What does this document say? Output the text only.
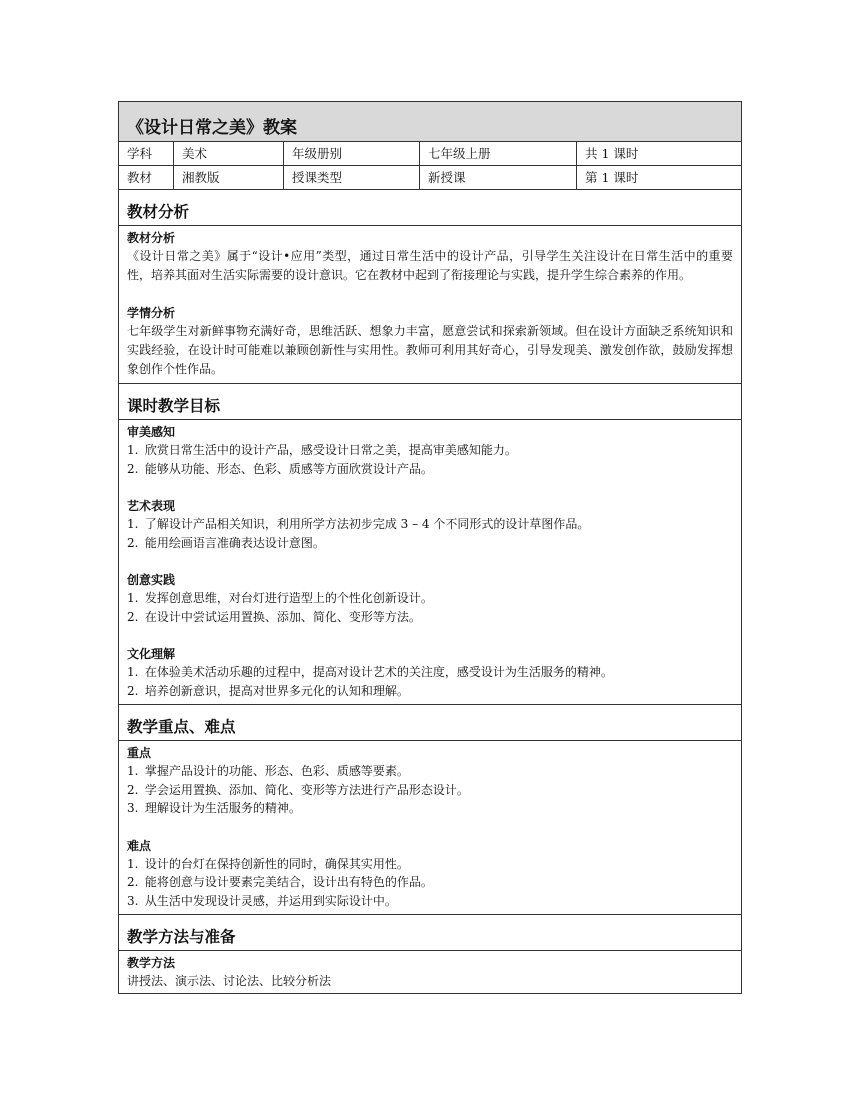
《设计日常之美》教案
学科	美术	年级册别	七年级上册	共 1 课时
教材	湘教版	授课类型	新授课	第 1 课时
教材分析
教材分析
《设计日常之美》属于“设计•应用”类型，通过日常生活中的设计产品，引导学生关注设计在日常生活中的重要性，培养其面对生活实际需要的设计意识。它在教材中起到了衔接理论与实践，提升学生综合素养的作用。
学情分析
七年级学生对新鲜事物充满好奇，思维活跃、想象力丰富，愿意尝试和探索新领域。但在设计方面缺乏系统知识和实践经验，在设计时可能难以兼顾创新性与实用性。教师可利用其好奇心，引导发现美、激发创作欲，鼓励发挥想象创作个性作品。
课时教学目标
审美感知
1. 欣赏日常生活中的设计产品，感受设计日常之美，提高审美感知能力。
2. 能够从功能、形态、色彩、质感等方面欣赏设计产品。
艺术表现
1. 了解设计产品相关知识，利用所学方法初步完成 3 – 4 个不同形式的设计草图作品。
2. 能用绘画语言准确表达设计意图。
创意实践
1. 发挥创意思维，对台灯进行造型上的个性化创新设计。
2. 在设计中尝试运用置换、添加、简化、变形等方法。
文化理解
1. 在体验美术活动乐趣的过程中，提高对设计艺术的关注度，感受设计为生活服务的精神。
2. 培养创新意识，提高对世界多元化的认知和理解。
教学重点、难点
重点
1. 掌握产品设计的功能、形态、色彩、质感等要素。
2. 学会运用置换、添加、简化、变形等方法进行产品形态设计。
3. 理解设计为生活服务的精神。
难点
1. 设计的台灯在保持创新性的同时，确保其实用性。
2. 能将创意与设计要素完美结合，设计出有特色的作品。
3. 从生活中发现设计灵感，并运用到实际设计中。
教学方法与准备
教学方法
讲授法、演示法、讨论法、比较分析法
